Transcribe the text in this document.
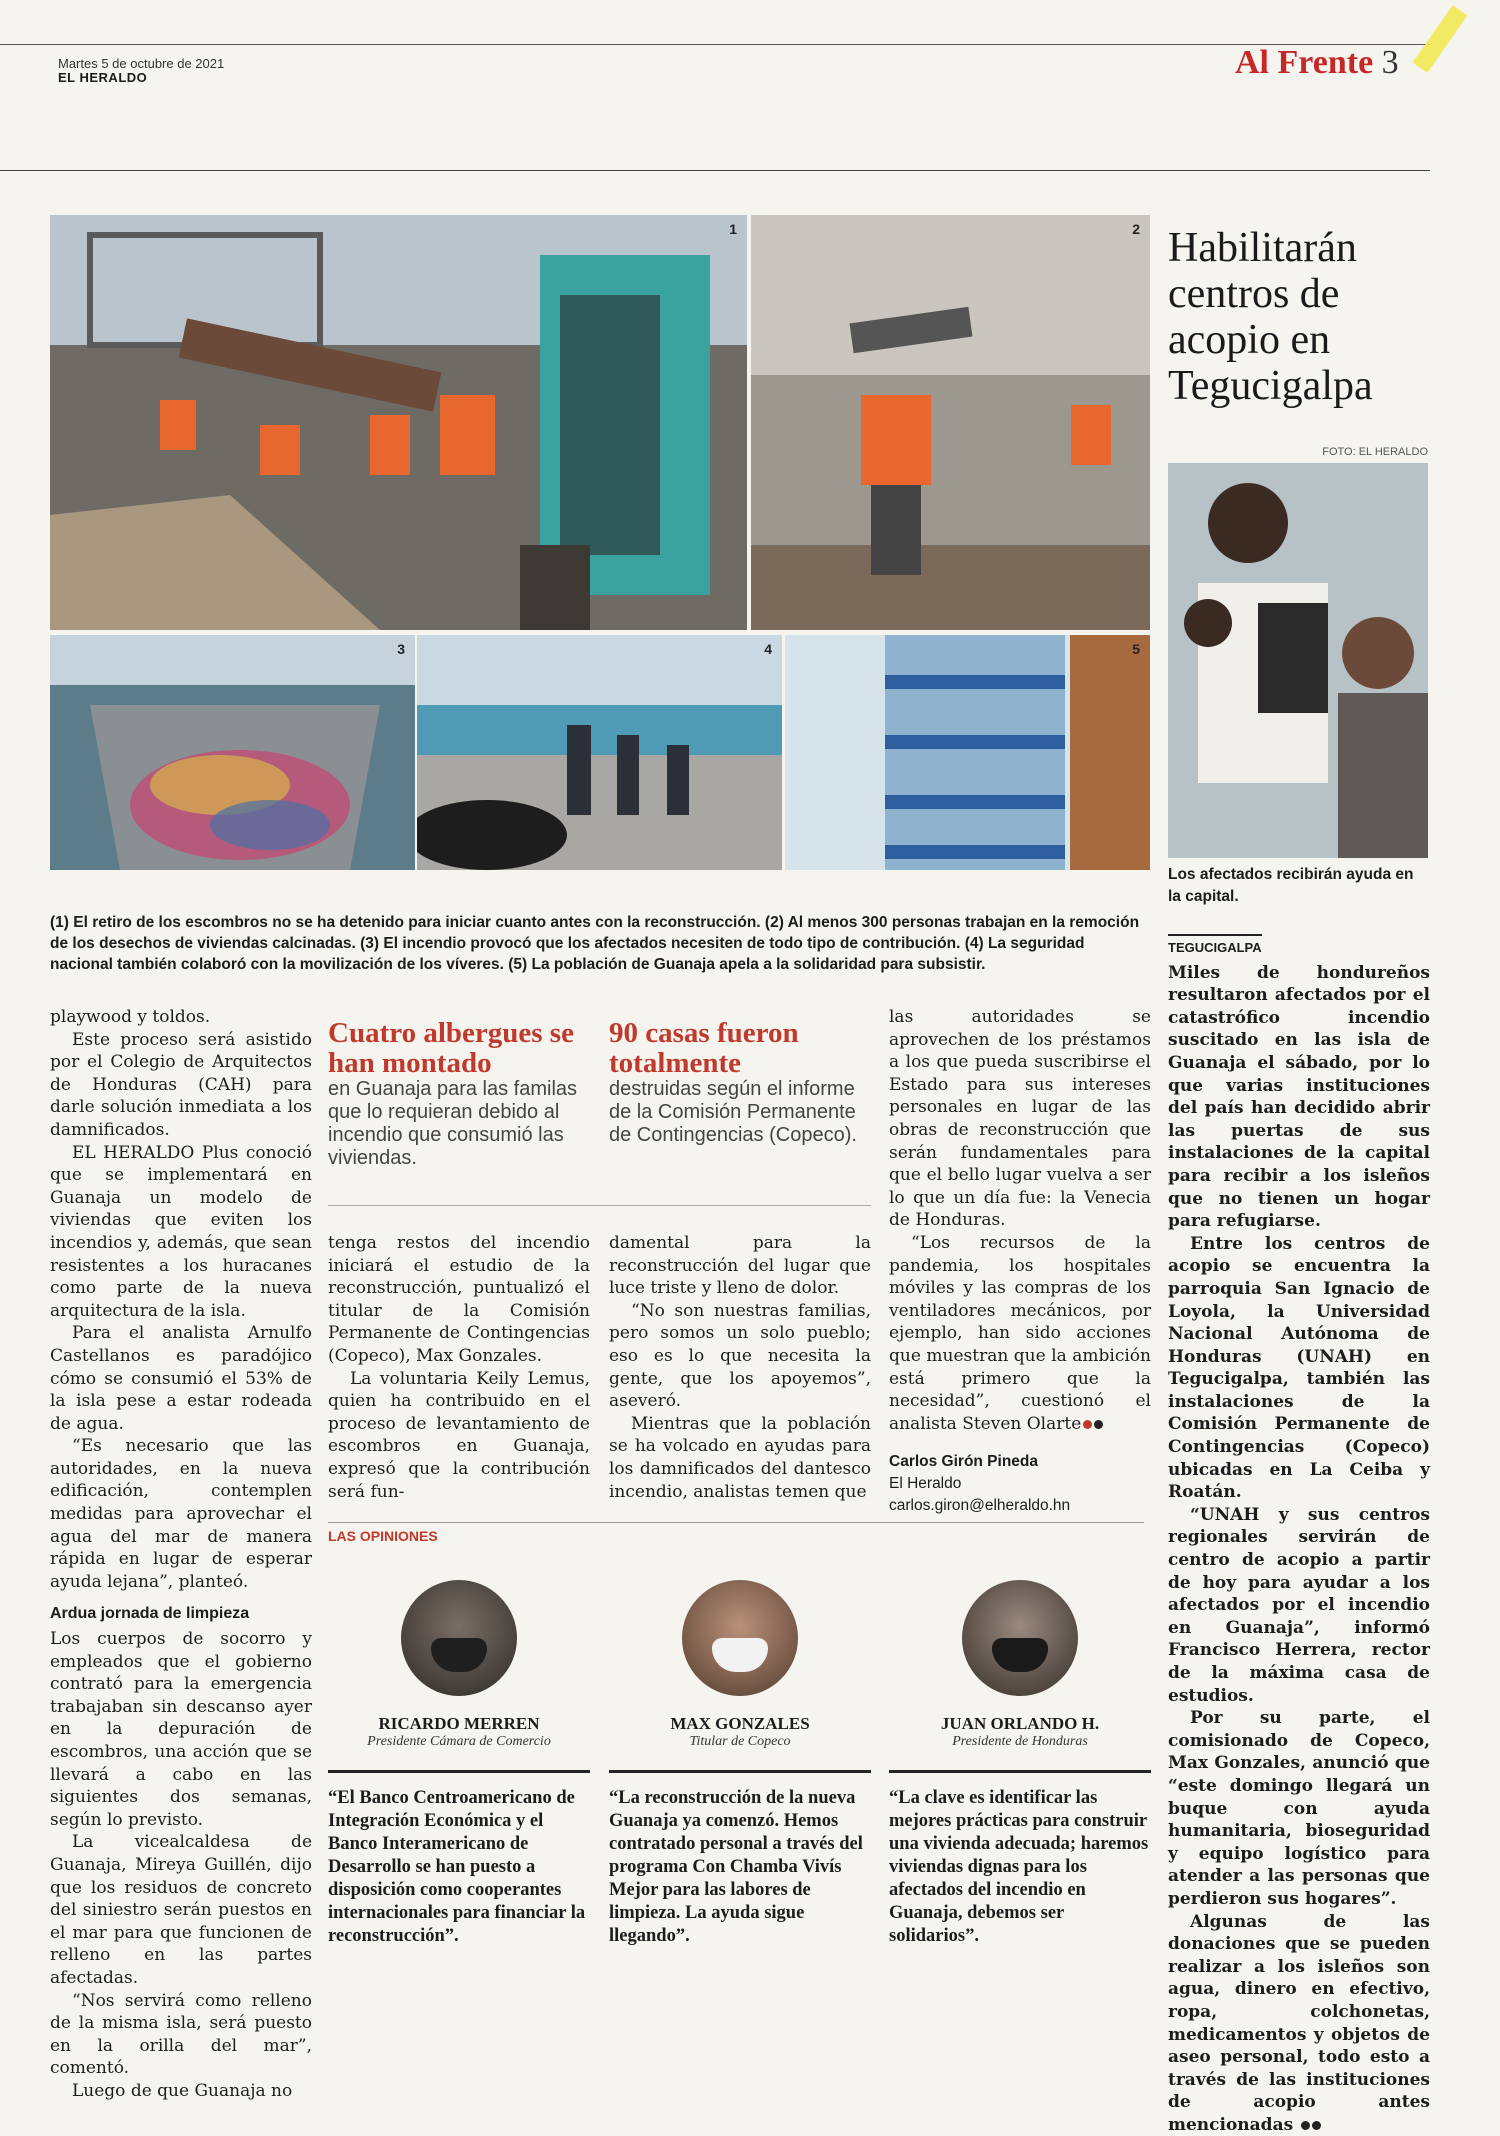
Martes 5 de octubre de 2021
EL HERALDO	Al Frente 3
1	2
3	4	5
(1) El retiro de los escombros no se ha detenido para iniciar cuanto antes con la reconstrucción. (2) Al menos 300 personas trabajan en la remoción de los desechos de viviendas calcinadas. (3) El incendio provocó que los afectados necesiten de todo tipo de contribución. (4) La seguridad nacional también colaboró con la movilización de los víveres. (5) La población de Guanaja apela a la solidaridad para subsistir.
Habilitarán centros de acopio en Tegucigalpa
FOTO: EL HERALDO
Los afectados recibirán ayuda en la capital.
TEGUCIGALPA

Miles de hondureños resultaron afectados por el catastrófico incendio suscitado en las isla de Guanaja el sábado, por lo que varias instituciones del país han decidido abrir las puertas de sus instalaciones de la capital para recibir a los isleños que no tienen un hogar para refugiarse.

Entre los centros de acopio se encuentra la parroquia San Ignacio de Loyola, la Universidad Nacional Autónoma de Honduras (UNAH) en Tegucigalpa, también las instalaciones de la Comisión Permanente de Contingencias (Copeco) ubicadas en La Ceiba y Roatán.

“UNAH y sus centros regionales servirán de centro de acopio a partir de hoy para ayudar a los afectados por el incendio en Guanaja”, informó Francisco Herrera, rector de la máxima casa de estudios.

Por su parte, el comisionado de Copeco, Max Gonzales, anunció que “este domingo llegará un buque con ayuda humanitaria, bioseguridad y equipo logístico para atender a las personas que perdieron sus hogares”.

Algunas de las donaciones que se pueden realizar a los isleños son agua, dinero en efectivo, ropa, colchonetas, medicamentos y objetos de aseo personal, todo esto a través de las instituciones de acopio antes mencionadas

playwood y toldos.

Este proceso será asistido por el Colegio de Arquitectos de Honduras (CAH) para darle solución inmediata a los damnificados.

EL HERALDO Plus conoció que se implementará en Guanaja un modelo de viviendas que eviten los incendios y, además, que sean resistentes a los huracanes como parte de la nueva arquitectura de la isla.

Para el analista Arnulfo Castellanos es paradójico cómo se consumió el 53% de la isla pese a estar rodeada de agua.

“Es necesario que las autoridades, en la nueva edificación, contemplen medidas para aprovechar el agua del mar de manera rápida en lugar de esperar ayuda lejana”, planteó.

Ardua jornada de limpieza

Los cuerpos de socorro y empleados que el gobierno contrató para la emergencia trabajaban sin descanso ayer en la depuración de escombros, una acción que se llevará a cabo en las siguientes dos semanas, según lo previsto.

La vicealcaldesa de Guanaja, Mireya Guillén, dijo que los residuos de concreto del siniestro serán puestos en el mar para que funcionen de relleno en las partes afectadas.

“Nos servirá como relleno de la misma isla, será puesto en la orilla del mar”, comentó.

Luego de que Guanaja no

Cuatro albergues se han montado
en Guanaja para las familas que lo requieran debido al incendio que consumió las viviendas.
90 casas fueron totalmente
destruidas según el informe de la Comisión Permanente de Contingencias (Copeco).

tenga restos del incendio iniciará el estudio de la reconstrucción, puntualizó el titular de la Comisión Permanente de Contingencias (Copeco), Max Gonzales.

La voluntaria Keily Lemus, quien ha contribuido en el proceso de levantamiento de escombros en Guanaja, expresó que la contribución será fun-

damental para la reconstrucción del lugar que luce triste y lleno de dolor.

“No son nuestras familias, pero somos un solo pueblo; eso es lo que necesita la gente, que los apoyemos”, aseveró.

Mientras que la población se ha volcado en ayudas para los damnificados del dantesco incendio, analistas temen que

las autoridades se aprovechen de los préstamos a los que pueda suscribirse el Estado para sus intereses personales en lugar de las obras de reconstrucción que serán fundamentales para que el bello lugar vuelva a ser lo que un día fue: la Venecia de Honduras.

“Los recursos de la pandemia, los hospitales móviles y las compras de los ventiladores mecánicos, por ejemplo, han sido acciones que muestran que la ambición está primero que la necesidad”, cuestionó el analista Steven Olarte

Carlos Girón Pineda
El Heraldo
carlos.giron@elheraldo.hn
LAS OPINIONES
RICARDO MERREN
Presidente Cámara de Comercio
“El Banco Centroamericano de Integración Económica y el Banco Interamericano de Desarrollo se han puesto a disposición como cooperantes internacionales para financiar la reconstrucción”.
MAX GONZALES
Titular de Copeco
“La reconstrucción de la nueva Guanaja ya comenzó. Hemos contratado personal a través del programa Con Chamba Vivís Mejor para las labores de limpieza. La ayuda sigue llegando”.
JUAN ORLANDO H.
Presidente de Honduras
“La clave es identificar las mejores prácticas para construir una vivienda adecuada; haremos viviendas dignas para los afectados del incendio en Guanaja, debemos ser solidarios”.
